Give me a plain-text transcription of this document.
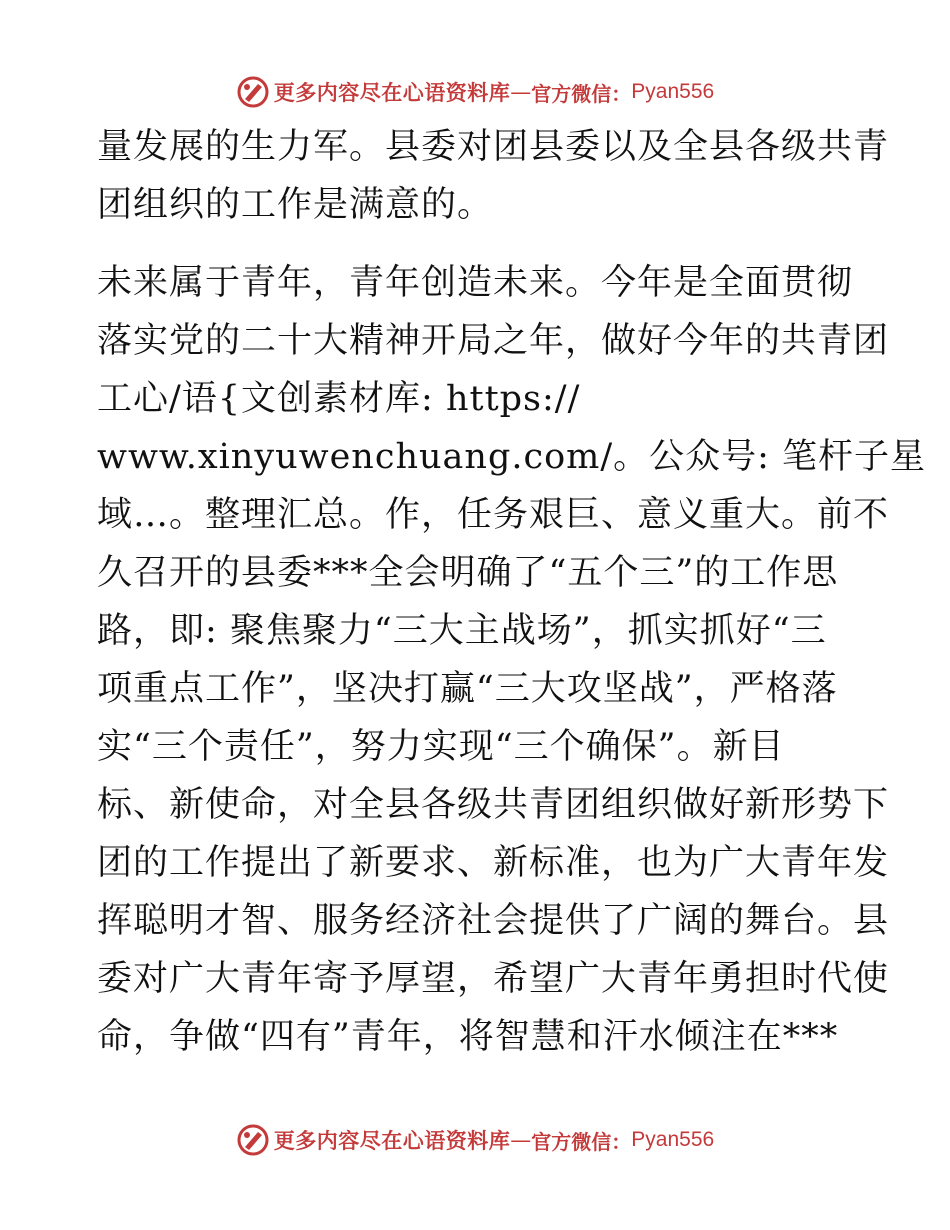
更多内容尽在心语资料库 — 官方微信： Pyan556
量发展的生力军。县委对团县委以及全县各级共青
团组织的工作是满意的。
未来属于青年，青年创造未来。今年是全面贯彻
落实党的二十大精神开局之年，做好今年的共青团
工心/语{文创素材库: https://
www.xinyuwenchuang.com/。公众号: 笔杆子星
域…。整理汇总。作，任务艰巨、意义重大。前不
久召开的县委***全会明确了“五个三”的工作思
路，即: 聚焦聚力“三大主战场”，抓实抓好“三
项重点工作”，坚决打赢“三大攻坚战”，严格落
实“三个责任”，努力实现“三个确保”。新目
标、新使命，对全县各级共青团组织做好新形势下
团的工作提出了新要求、新标准，也为广大青年发
挥聪明才智、服务经济社会提供了广阔的舞台。县
委对广大青年寄予厚望，希望广大青年勇担时代使
命，争做“四有”青年，将智慧和汗水倾注在***
更多内容尽在心语资料库 — 官方微信： Pyan556
